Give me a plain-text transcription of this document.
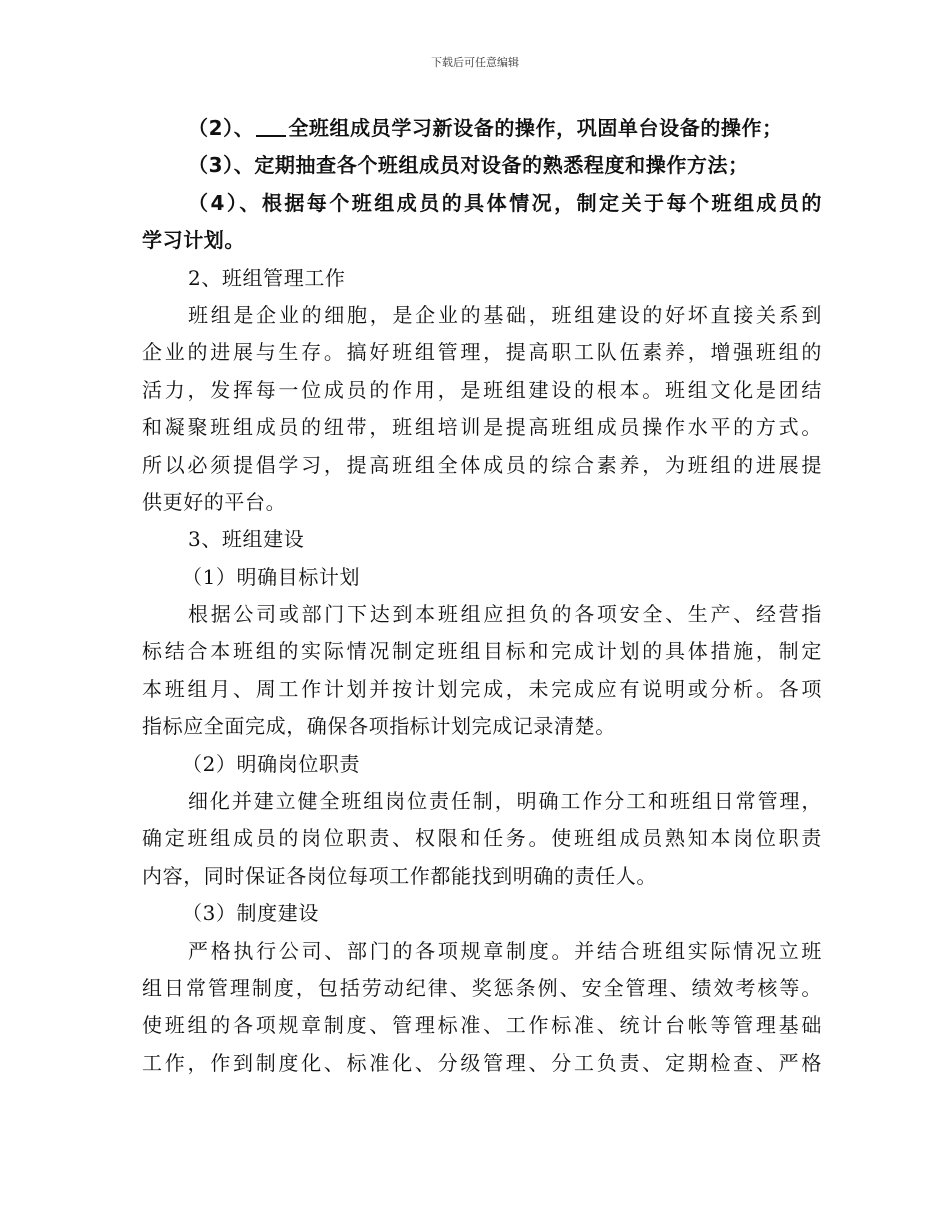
下载后可任意编辑
（2）、 全班组成员学习新设备的操作，巩固单台设备的操作；
（3）、定期抽查各个班组成员对设备的熟悉程度和操作方法；
（4）、根据每个班组成员的具体情况，制定关于每个班组成员的
学习计划。
2、班组管理工作
班组是企业的细胞，是企业的基础，班组建设的好坏直接关系到
企业的进展与生存。搞好班组管理，提高职工队伍素养，增强班组的
活力，发挥每一位成员的作用，是班组建设的根本。班组文化是团结
和凝聚班组成员的纽带，班组培训是提高班组成员操作水平的方式。
所以必须提倡学习，提高班组全体成员的综合素养，为班组的进展提
供更好的平台。
3、班组建设
（1）明确目标计划
根据公司或部门下达到本班组应担负的各项安全、生产、经营指
标结合本班组的实际情况制定班组目标和完成计划的具体措施，制定
本班组月、周工作计划并按计划完成，未完成应有说明或分析。各项
指标应全面完成，确保各项指标计划完成记录清楚。
（2）明确岗位职责
细化并建立健全班组岗位责任制，明确工作分工和班组日常管理，
确定班组成员的岗位职责、权限和任务。使班组成员熟知本岗位职责
内容，同时保证各岗位每项工作都能找到明确的责任人。
（3）制度建设
严格执行公司、部门的各项规章制度。并结合班组实际情况立班
组日常管理制度，包括劳动纪律、奖惩条例、安全管理、绩效考核等。
使班组的各项规章制度、管理标准、工作标准、统计台帐等管理基础
工作，作到制度化、标准化、分级管理、分工负责、定期检查、严格
